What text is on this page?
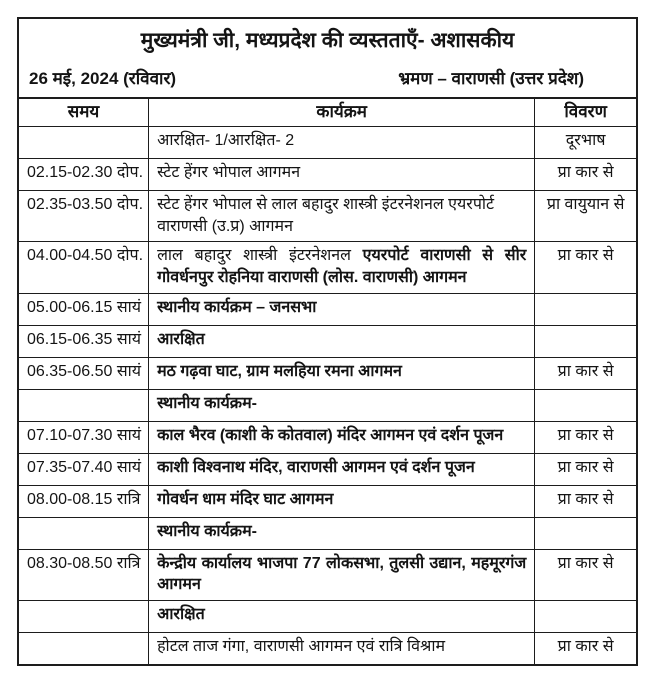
मुख्यमंत्री जी, मध्यप्रदेश की व्यस्तताएँ- अशासकीय
26 मई, 2024 (रविवार)	भ्रमण – वाराणसी (उत्तर प्रदेश)
समय	कार्यक्रम	विवरण
	आरक्षित- 1/आरक्षित- 2	दूरभाष
02.15-02.30 दोप.	स्टेट हेंगर भोपाल आगमन	प्रा कार से
02.35-03.50 दोप.	स्टेट हेंगर भोपाल से लाल बहादुर शास्त्री इंटरनेशनल एयरपोर्ट वाराणसी (उ.प्र) आगमन	प्रा वायुयान से
04.00-04.50 दोप.	लाल बहादुर शास्त्री इंटरनेशनल एयरपोर्ट वाराणसी से सीर गोवर्धनपुर रोहनिया वाराणसी (लोस. वाराणसी) आगमन	प्रा कार से
05.00-06.15 सायं	स्थानीय कार्यक्रम – जनसभा	
06.15-06.35 सायं	आरक्षित	
06.35-06.50 सायं	मठ गढ़वा घाट, ग्राम मलहिया रमना आगमन	प्रा कार से
	स्थानीय कार्यक्रम-	
07.10-07.30 सायं	काल भैरव (काशी के कोतवाल) मंदिर आगमन एवं दर्शन पूजन	प्रा कार से
07.35-07.40 सायं	काशी विश्वनाथ मंदिर, वाराणसी आगमन एवं दर्शन पूजन	प्रा कार से
08.00-08.15 रात्रि	गोवर्धन धाम मंदिर घाट आगमन	प्रा कार से
	स्थानीय कार्यक्रम-	
08.30-08.50 रात्रि	केन्द्रीय कार्यालय भाजपा 77 लोकसभा, तुलसी उद्यान, महमूरगंज आगमन	प्रा कार से
	आरक्षित	
	होटल ताज गंगा, वाराणसी आगमन एवं रात्रि विश्राम	प्रा कार से
